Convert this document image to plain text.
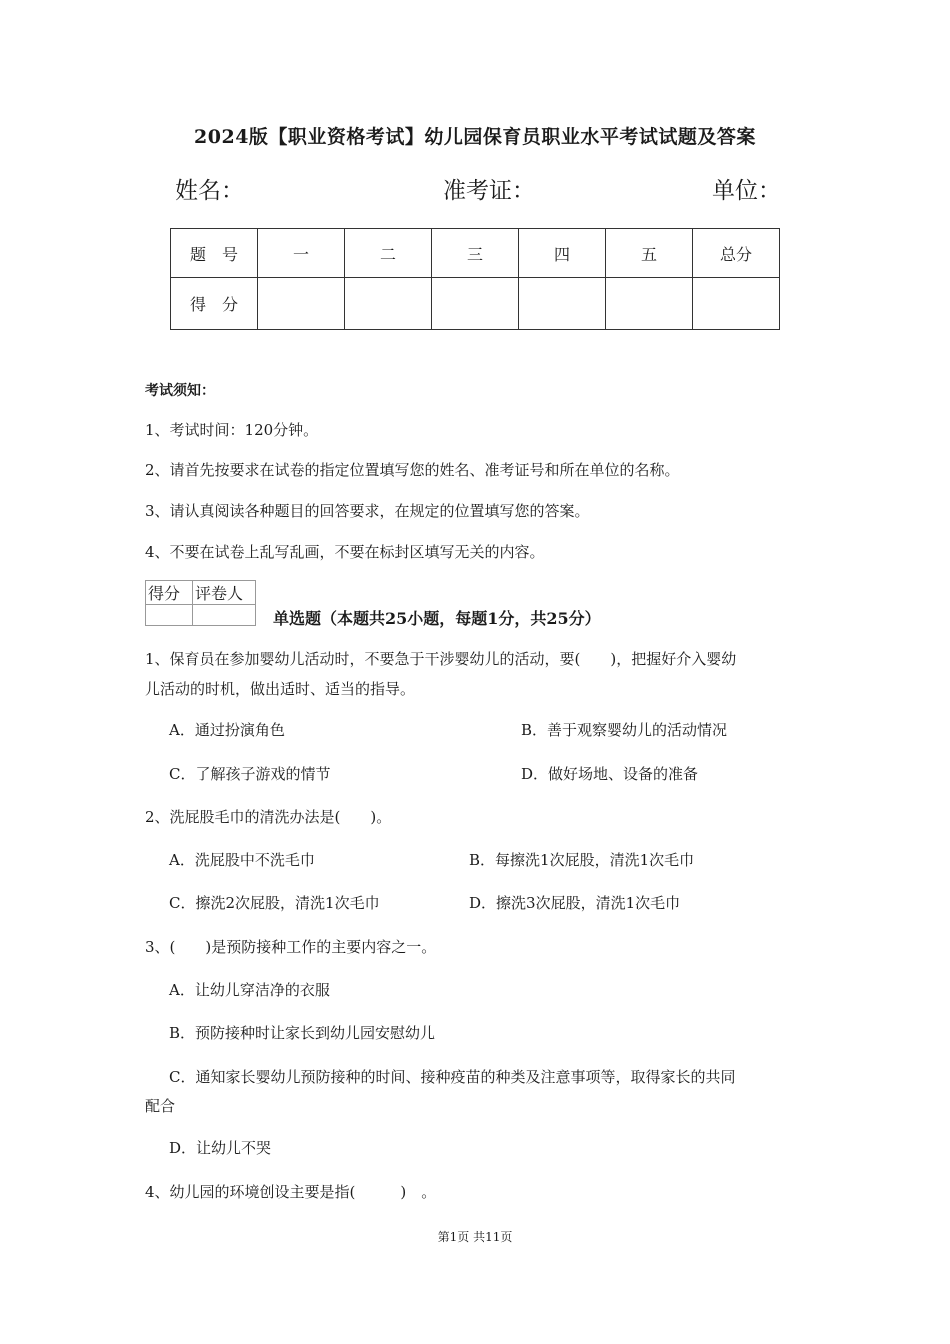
2024版【职业资格考试】幼儿园保育员职业水平考试试题及答案
姓名：	准考证：	单位：
题　号	一	二	三	四	五	总分
得　分						
考试须知：
1、考试时间：120分钟。
2、请首先按要求在试卷的指定位置填写您的姓名、准考证号和所在单位的名称。
3、请认真阅读各种题目的回答要求，在规定的位置填写您的答案。
4、不要在试卷上乱写乱画，不要在标封区填写无关的内容。
得分	评卷人

单选题（本题共25小题，每题1分，共25分）
1、保育员在参加婴幼儿活动时，不要急于干涉婴幼儿的活动，要(　　)，把握好介入婴幼
儿活动的时机，做出适时、适当的指导。
A．通过扮演角色	B．善于观察婴幼儿的活动情况
C．了解孩子游戏的情节	D．做好场地、设备的准备
2、洗屁股毛巾的清洗办法是(　　)。
A．洗屁股中不洗毛巾	B．每擦洗1次屁股，清洗1次毛巾
C．擦洗2次屁股，清洗1次毛巾	D．擦洗3次屁股，清洗1次毛巾
3、(　　)是预防接种工作的主要内容之一。
A．让幼儿穿洁净的衣服
B．预防接种时让家长到幼儿园安慰幼儿
C．通知家长婴幼儿预防接种的时间、接种疫苗的种类及注意事项等，取得家长的共同
配合
D．让幼儿不哭
4、幼儿园的环境创设主要是指(　　　)　。
第1页 共11页
